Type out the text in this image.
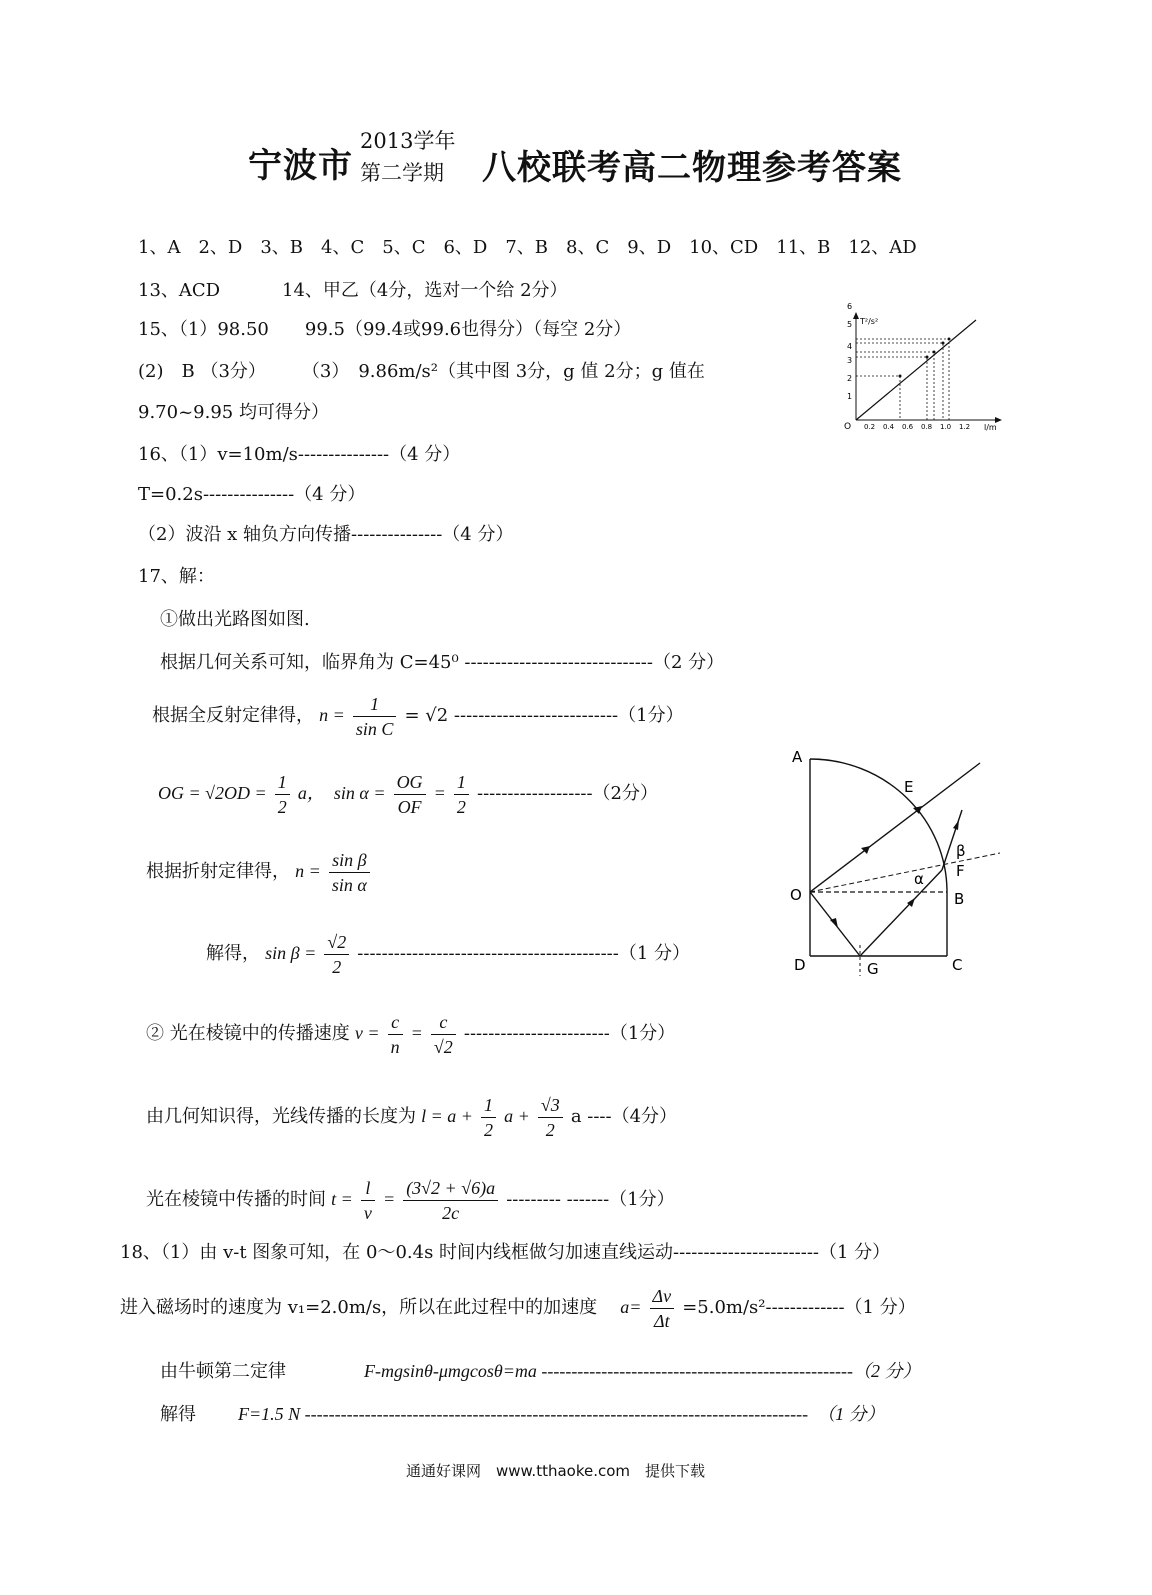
宁波市
2013学年
第二学期 八校联考高二物理参考答案
1、A　2、D　3、B　4、C　5、C　6、D　7、B　8、C　9、D　10、CD　11、B　12、AD
13、ACD	14、甲乙（4分，选对一个给 2分）
15、（1）98.50　　99.5（99.4或99.6也得分）（每空 2分）
(2)　B （3分）　　　（3）　9.86m/s²（其中图 3分，g 值 2分；g 值在
9.70~9.95 均可得分）
16、（1）v=10m/s---------------（4 分）
T=0.2s---------------（4 分）
（2）波沿 x 轴负方向传播---------------（4 分）
17、解：
①做出光路图如图.
根据几何关系可知，临界角为 C=45⁰ -------------------------------（2 分）
根据全反射定律得， $n = \frac{1}{\text{sin C}} = √2$ ---------------------------（1分）
OG = $√2OD = \frac{1}{2}$ a，　$\sin \alpha = \frac{OG}{OF} = \frac{1}{2} -------------------(2$分）
根据折射定律得， $n = \frac{\text{sin β}}{\text{sin α}}$
解得， $\sin \beta = \frac{√2}{2} -------------------------------------------(1$ 分）
② 光在棱镜中的传播速度 $v = \frac{c}{n} = \frac{c}{√2} ------------------------(1$分）
由几何知识得，光线传播的长度为 $l = a + \frac{1}{2}$ $a + \frac{√3}{2}$ a ----（4分）
光在棱镜中传播的时间 $t = \frac{l}{v} = \frac{(3√2 + √6)a}{2c}$ --------- -------（1分）
18、（1）由 v-t 图象可知，在 0～0.4s 时间内线框做匀加速直线运动------------------------（1 分）
进入磁场时的速度为 v₁=2.0m/s，所以在此过程中的加速度 $a= \frac{\Delta v}{\Delta t} =5.0m/s^2-------------(1$ 分）
由牛顿第二定律	F-mgsinθ-μmgcosθ=ma ----------------------------------------------------（2 分）
解得 F=1.5 N ------------------------------------------------------------------------------------　（1 分）
T²/s²
l/m
O
1
2
3
4
5
6
0.2 0.4 0.6 0.8 1.0 1.2
A
E
β
F
α
O	B
D	G	C
通通好课网　www.tthaoke.com　提供下载
